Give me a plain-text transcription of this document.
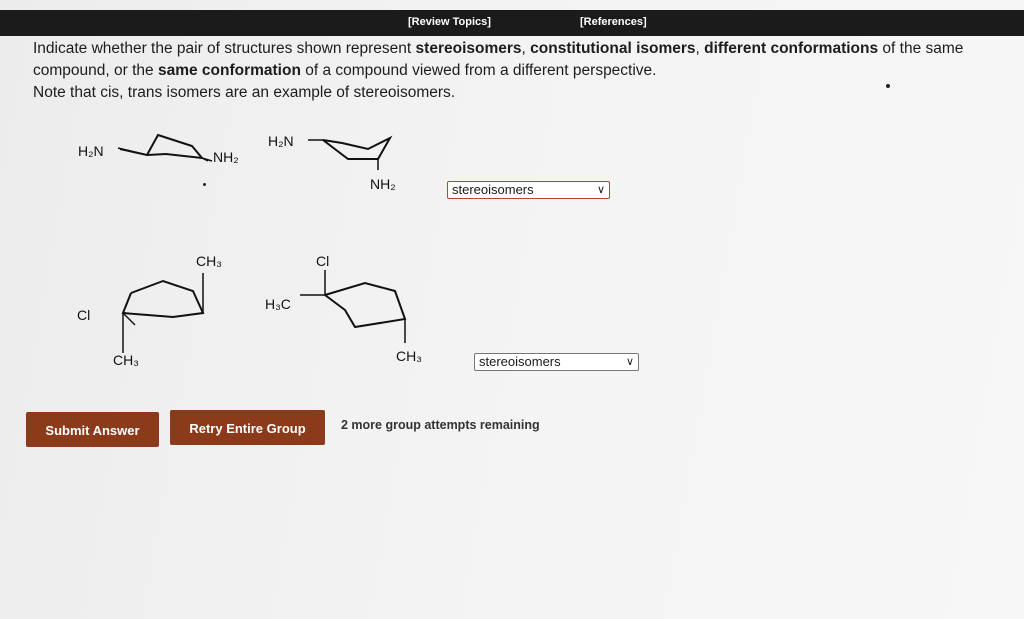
[Review Topics]	[References]
Indicate whether the pair of structures shown represent stereoisomers, constitutional isomers, different conformations of the same compound, or the same conformation of a compound viewed from a different perspective.
Note that cis, trans isomers are an example of stereoisomers.
H₂N	NH₂
H₂N
NH₂	stereoisomers	∨
CH₃
Cl
CH₃
Cl
H₃C
CH₃	stereoisomers	∨
Submit Answer	Retry Entire Group	2 more group attempts remaining
